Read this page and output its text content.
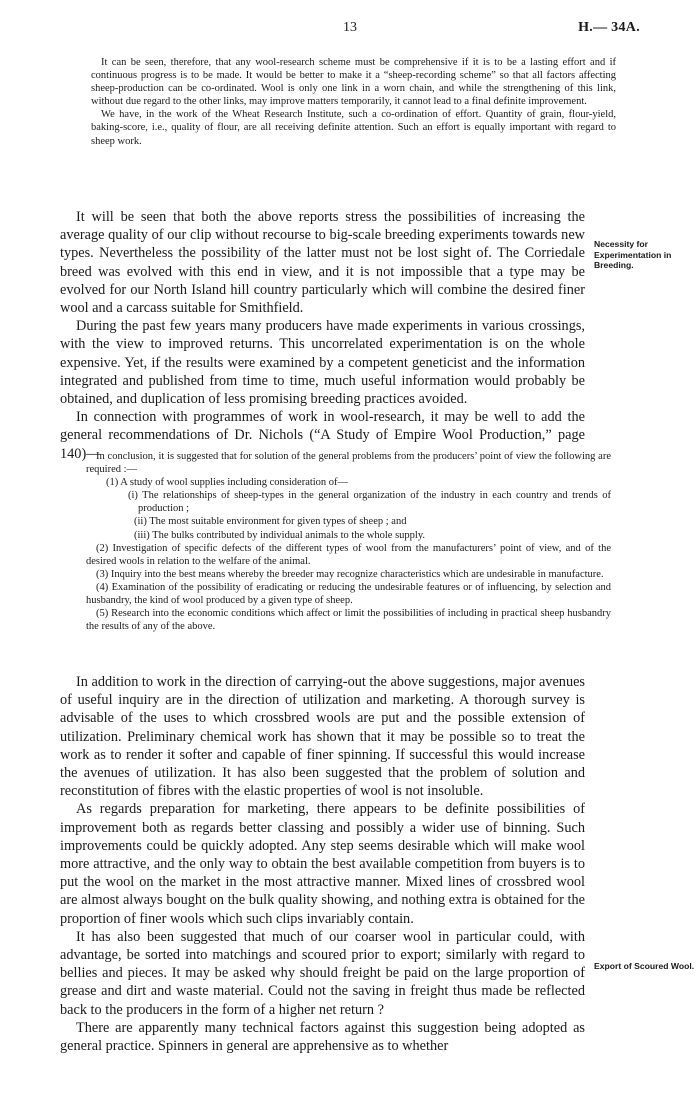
13	H.— 34A.

It can be seen, therefore, that any wool-research scheme must be comprehensive if it is to be a lasting effort and if continuous progress is to be made. It would be better to make it a “sheep-recording scheme” so that all factors affecting sheep-production can be co-ordinated. Wool is only one link in a worn chain, and while the strengthening of this link, without due regard to the other links, may improve matters temporarily, it cannot lead to a final definite improvement.

We have, in the work of the Wheat Research Institute, such a co-ordination of effort. Quantity of grain, flour-yield, baking-score, i.e., quality of flour, are all receiving definite attention. Such an effort is equally important with regard to sheep work.

It will be seen that both the above reports stress the possibilities of increasing the average quality of our clip without recourse to big-scale breeding experiments towards new types. Nevertheless the possibility of the latter must not be lost sight of. The Corriedale breed was evolved with this end in view, and it is not impossible that a type may be evolved for our North Island hill country particularly which will combine the desired finer wool and a carcass suitable for Smithfield.

During the past few years many producers have made experiments in various crossings, with the view to improved returns. This uncorrelated experimentation is on the whole expensive. Yet, if the results were examined by a competent geneticist and the information integrated and published from time to time, much useful information would probably be obtained, and duplication of less promising breeding practices avoided.

In connection with programmes of work in wool-research, it may be well to add the general recommendations of Dr. Nichols (“A Study of Empire Wool Production,” page 140)—

In conclusion, it is suggested that for solution of the general problems from the producers’ point of view the following are required :—

(1) A study of wool supplies including consideration of—

(i) The relationships of sheep-types in the general organization of the industry in each country and trends of production ;

(ii) The most suitable environment for given types of sheep ; and

(iii) The bulks contributed by individual animals to the whole supply.

(2) Investigation of specific defects of the different types of wool from the manufacturers’ point of view, and of the desired wools in relation to the welfare of the animal.

(3) Inquiry into the best means whereby the breeder may recognize characteristics which are undesirable in manufacture.

(4) Examination of the possibility of eradicating or reducing the undesirable features or of influencing, by selection and husbandry, the kind of wool produced by a given type of sheep.

(5) Research into the economic conditions which affect or limit the possibilities of including in practical sheep husbandry the results of any of the above.

In addition to work in the direction of carrying-out the above suggestions, major avenues of useful inquiry are in the direction of utilization and marketing. A thorough survey is advisable of the uses to which crossbred wools are put and the possible extension of utilization. Preliminary chemical work has shown that it may be possible so to treat the work as to render it softer and capable of finer spinning. If successful this would increase the avenues of utilization. It has also been suggested that the problem of solution and reconstitution of fibres with the elastic properties of wool is not insoluble.

As regards preparation for marketing, there appears to be definite possibilities of improvement both as regards better classing and possibly a wider use of binning. Such improvements could be quickly adopted. Any step seems desirable which will make wool more attractive, and the only way to obtain the best available competition from buyers is to put the wool on the market in the most attractive manner. Mixed lines of crossbred wool are almost always bought on the bulk quality showing, and nothing extra is obtained for the proportion of finer wools which such clips invariably contain.

It has also been suggested that much of our coarser wool in particular could, with advantage, be sorted into matchings and scoured prior to export; similarly with regard to bellies and pieces. It may be asked why should freight be paid on the large proportion of grease and dirt and waste material. Could not the saving in freight thus made be reflected back to the producers in the form of a higher net return ?

There are apparently many technical factors against this suggestion being adopted as general practice. Spinners in general are apprehensive as to whether

Necessity for Experimentation in Breeding.
Export of Scoured Wool.
